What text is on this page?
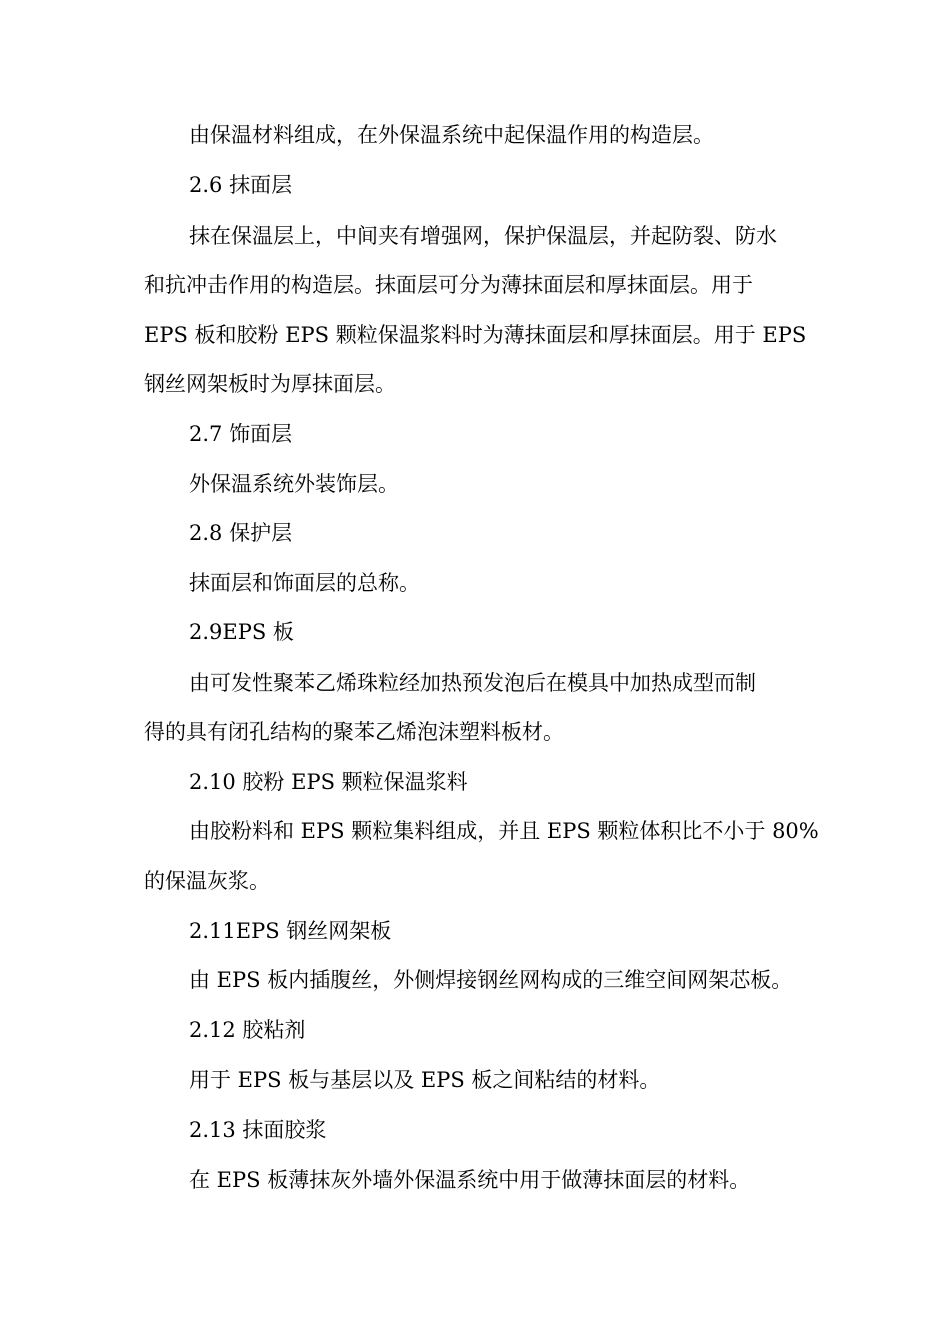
由保温材料组成，在外保温系统中起保温作用的构造层。
2.6 抹面层
抹在保温层上，中间夹有增强网，保护保温层，并起防裂、防水
和抗冲击作用的构造层。抹面层可分为薄抹面层和厚抹面层。用于
EPS 板和胶粉 EPS 颗粒保温浆料时为薄抹面层和厚抹面层。用于 EPS
钢丝网架板时为厚抹面层。
2.7 饰面层
外保温系统外装饰层。
2.8 保护层
抹面层和饰面层的总称。
2.9EPS 板
由可发性聚苯乙烯珠粒经加热预发泡后在模具中加热成型而制
得的具有闭孔结构的聚苯乙烯泡沫塑料板材。
2.10 胶粉 EPS 颗粒保温浆料
由胶粉料和 EPS 颗粒集料组成，并且 EPS 颗粒体积比不小于 80%
的保温灰浆。
2.11EPS 钢丝网架板
由 EPS 板内插腹丝，外侧焊接钢丝网构成的三维空间网架芯板。
2.12 胶粘剂
用于 EPS 板与基层以及 EPS 板之间粘结的材料。
2.13 抹面胶浆
在 EPS 板薄抹灰外墙外保温系统中用于做薄抹面层的材料。
